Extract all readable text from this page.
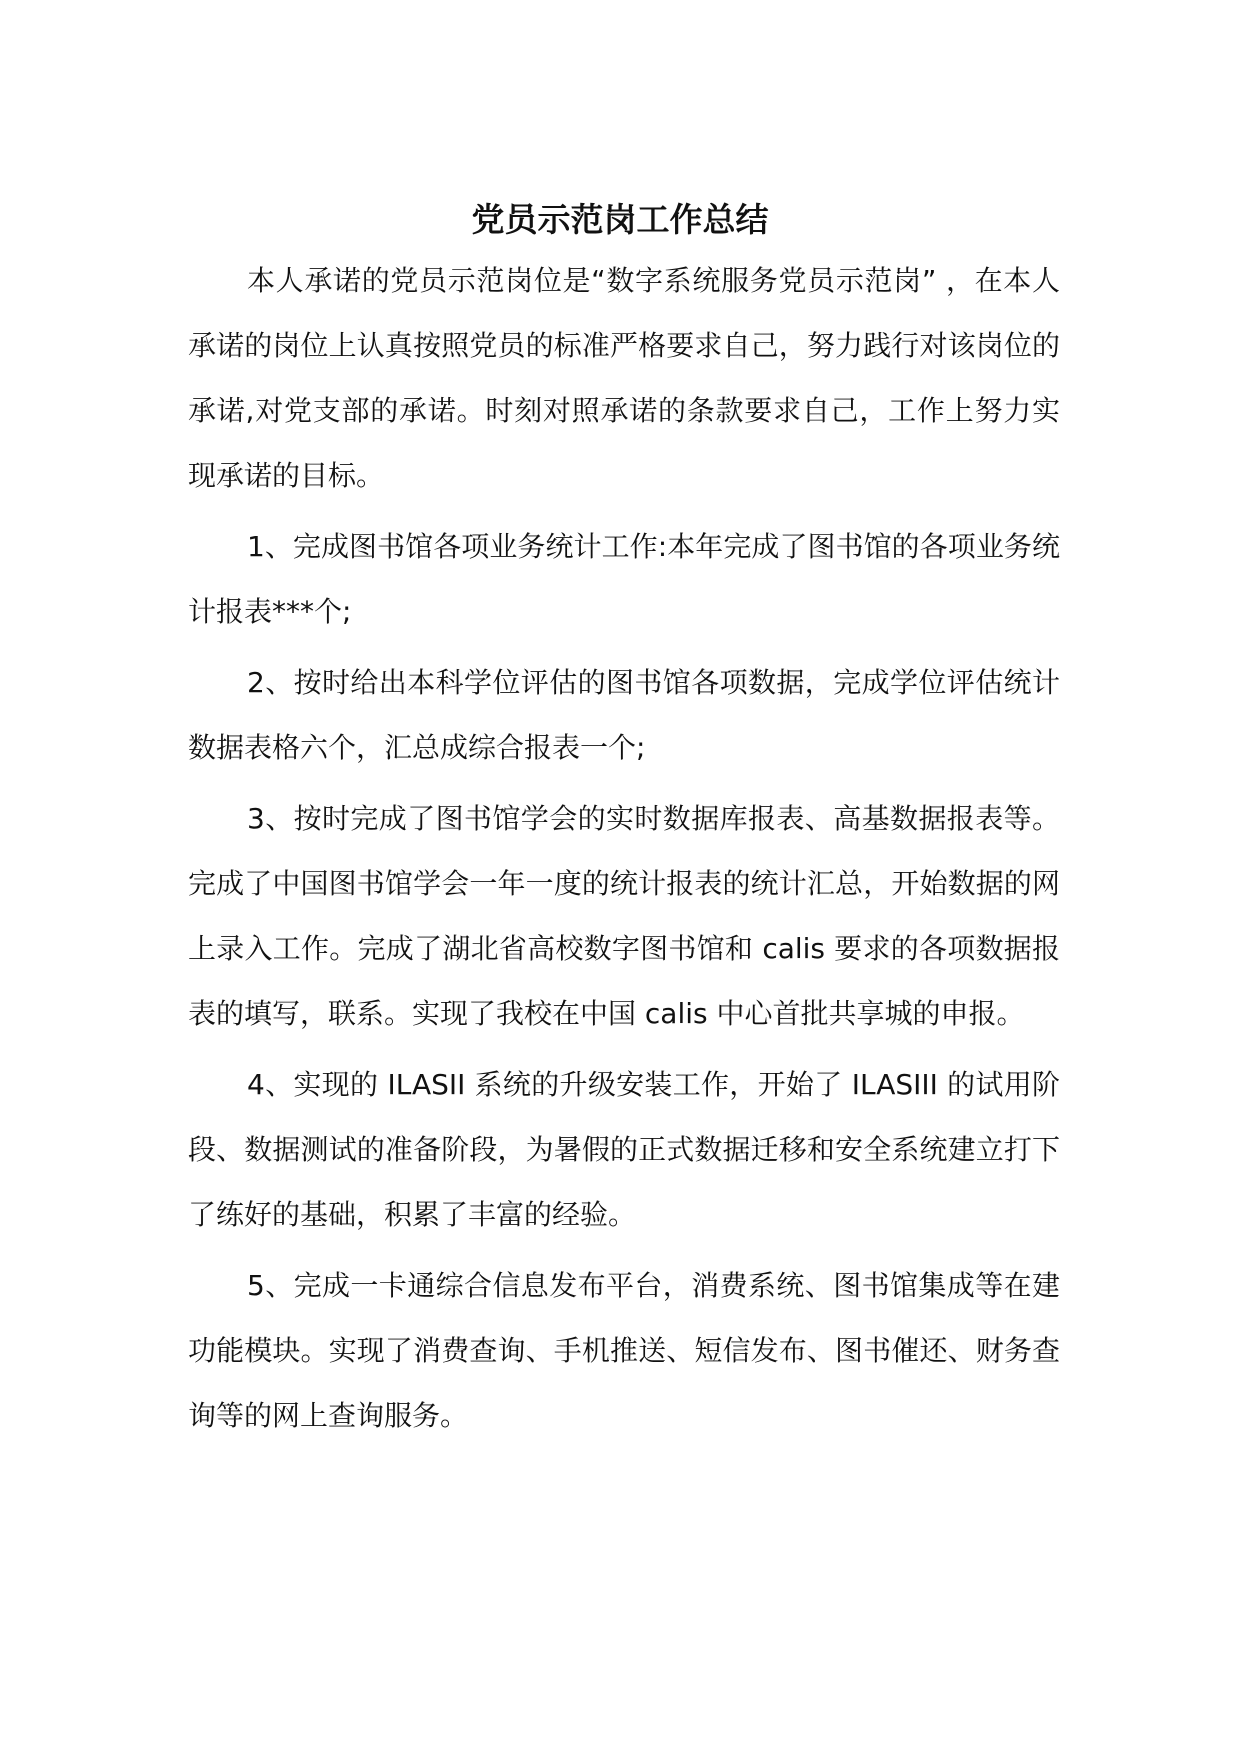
党员示范岗工作总结

本人承诺的党员示范岗位是“数字系统服务党员示范岗” ，在本人承诺的岗位上认真按照党员的标准严格要求自己，努力践行对该岗位的承诺,对党支部的承诺。时刻对照承诺的条款要求自己，工作上努力实现承诺的目标。

1、完成图书馆各项业务统计工作:本年完成了图书馆的各项业务统计报表***个;

2、按时给出本科学位评估的图书馆各项数据，完成学位评估统计数据表格六个，汇总成综合报表一个;

3、按时完成了图书馆学会的实时数据库报表、高基数据报表等。完成了中国图书馆学会一年一度的统计报表的统计汇总，开始数据的网上录入工作。完成了湖北省高校数字图书馆和 calis 要求的各项数据报表的填写，联系。实现了我校在中国 calis 中心首批共享城的申报。

4、实现的 ILASII 系统的升级安装工作，开始了 ILASIII 的试用阶段、数据测试的准备阶段，为暑假的正式数据迁移和安全系统建立打下了练好的基础，积累了丰富的经验。

5、完成一卡通综合信息发布平台，消费系统、图书馆集成等在建功能模块。实现了消费查询、手机推送、短信发布、图书催还、财务查询等的网上查询服务。
